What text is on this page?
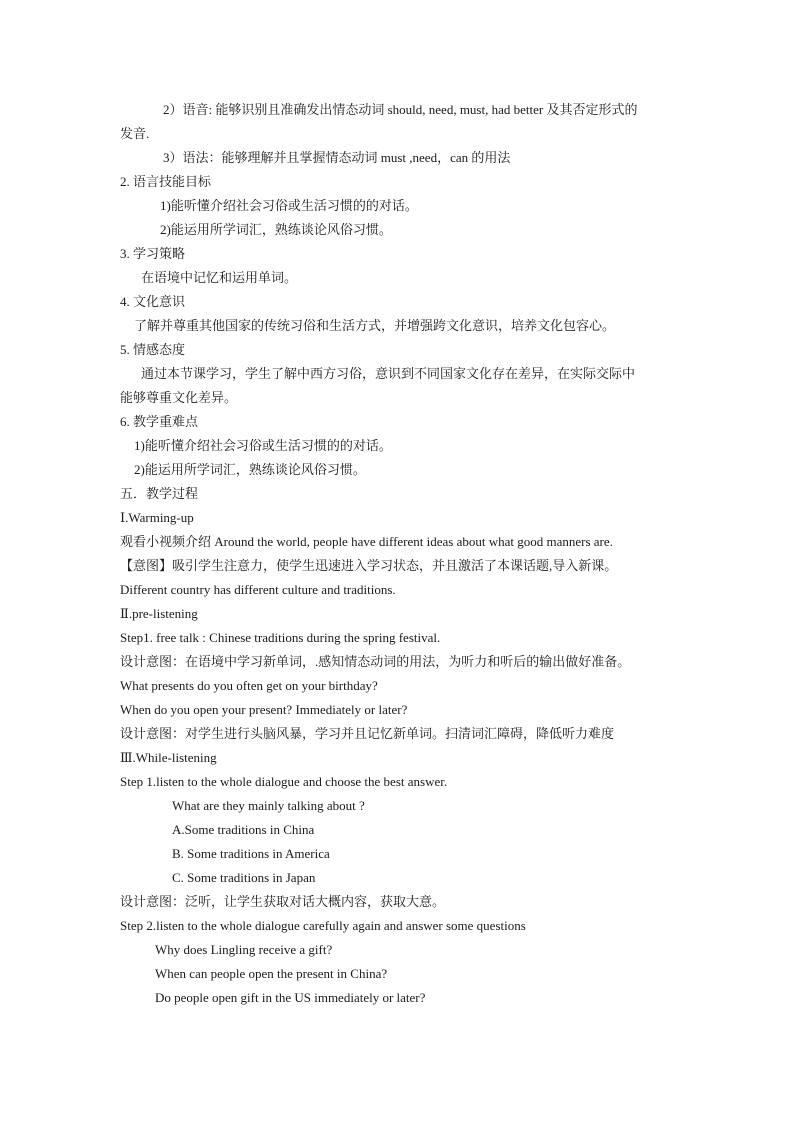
2）语音: 能够识别且准确发出情态动词 should, need, must, had better 及其否定形式的
发音.
3）语法：能够理解并且掌握情态动词 must ,need，can 的用法
2. 语言技能目标
1)能听懂介绍社会习俗或生活习惯的的对话。
2)能运用所学词汇，熟练谈论风俗习惯。
3. 学习策略
在语境中记忆和运用单词。
4. 文化意识
了解并尊重其他国家的传统习俗和生活方式，并增强跨文化意识，培养文化包容心。
5. 情感态度
通过本节课学习，学生了解中西方习俗，意识到不同国家文化存在差异，在实际交际中
能够尊重文化差异。
6. 教学重难点
1)能听懂介绍社会习俗或生活习惯的的对话。
2)能运用所学词汇，熟练谈论风俗习惯。
五．教学过程
Ⅰ.Warming-up
观看小视频介绍 Around the world, people have different ideas about what good manners are.
【意图】吸引学生注意力，使学生迅速进入学习状态，并且激活了本课话题,导入新课。
Different country has different culture and traditions.
Ⅱ.pre-listening
Step1. free talk : Chinese traditions during the spring festival.
设计意图：在语境中学习新单词，.感知情态动词的用法，为听力和听后的输出做好准备。
What presents do you often get on your birthday?
When do you open your present? Immediately or later?
设计意图：对学生进行头脑风暴，学习并且记忆新单词。扫清词汇障碍，降低听力难度
Ⅲ.While-listening
Step 1.listen to the whole dialogue and choose the best answer.
What are they mainly talking about ?
A.Some traditions in China
B. Some traditions in America
C. Some traditions in Japan
设计意图：泛听，让学生获取对话大概内容，获取大意。
Step 2.listen to the whole dialogue carefully again and answer some questions
Why does Lingling receive a gift?
When can people open the present in China?
Do people open gift in the US immediately or later?
